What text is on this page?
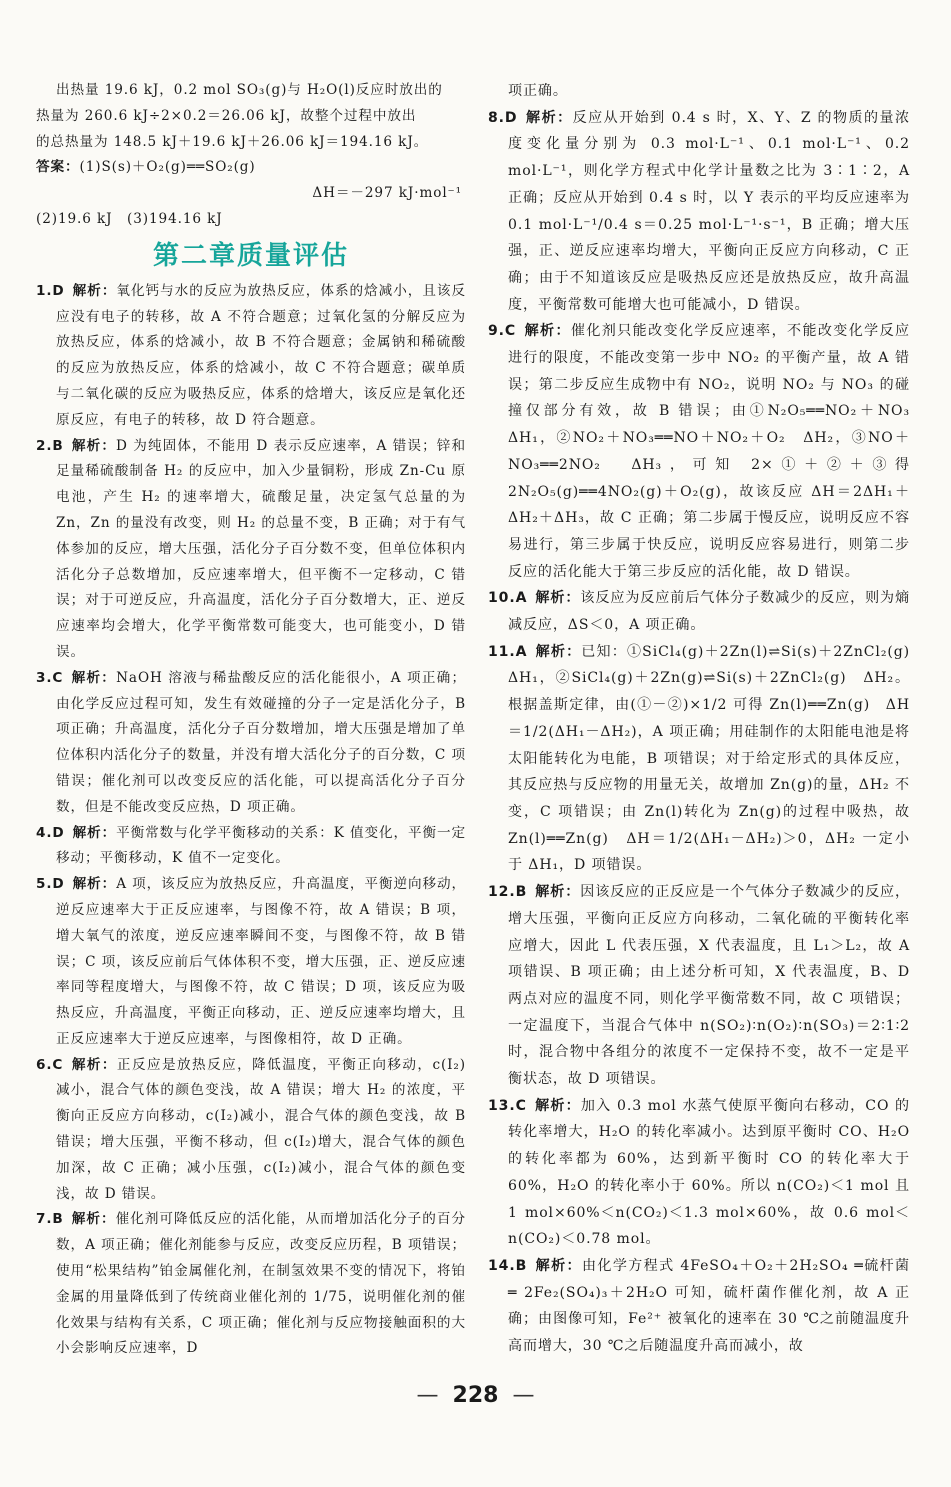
出热量 19.6 kJ，0.2 mol SO₃(g)与 H₂O(l)反应时放出的

热量为 260.6 kJ÷2×0.2＝26.06 kJ，故整个过程中放出

的总热量为 148.5 kJ＋19.6 kJ＋26.06 kJ＝194.16 kJ。

答案：(1)S(s)＋O₂(g)══SO₂(g)

ΔH＝－297 kJ·mol⁻¹

(2)19.6 kJ　(3)194.16 kJ

第二章质量评估

1.D 解析：氧化钙与水的反应为放热反应，体系的焓减小，且该反应没有电子的转移，故 A 不符合题意；过氧化氢的分解反应为放热反应，体系的焓减小，故 B 不符合题意；金属钠和稀硫酸的反应为放热反应，体系的焓减小，故 C 不符合题意；碳单质与二氧化碳的反应为吸热反应，体系的焓增大，该反应是氧化还原反应，有电子的转移，故 D 符合题意。

2.B 解析：D 为纯固体，不能用 D 表示反应速率，A 错误；锌和足量稀硫酸制备 H₂ 的反应中，加入少量铜粉，形成 Zn-Cu 原电池，产生 H₂ 的速率增大，硫酸足量，决定氢气总量的为 Zn，Zn 的量没有改变，则 H₂ 的总量不变，B 正确；对于有气体参加的反应，增大压强，活化分子百分数不变，但单位体积内活化分子总数增加，反应速率增大，但平衡不一定移动，C 错误；对于可逆反应，升高温度，活化分子百分数增大，正、逆反应速率均会增大，化学平衡常数可能变大，也可能变小，D 错误。

3.C 解析：NaOH 溶液与稀盐酸反应的活化能很小，A 项正确；由化学反应过程可知，发生有效碰撞的分子一定是活化分子，B 项正确；升高温度，活化分子百分数增加，增大压强是增加了单位体积内活化分子的数量，并没有增大活化分子的百分数，C 项错误；催化剂可以改变反应的活化能，可以提高活化分子百分数，但是不能改变反应热，D 项正确。

4.D 解析：平衡常数与化学平衡移动的关系：K 值变化，平衡一定移动；平衡移动，K 值不一定变化。

5.D 解析：A 项，该反应为放热反应，升高温度，平衡逆向移动，逆反应速率大于正反应速率，与图像不符，故 A 错误；B 项，增大氧气的浓度，逆反应速率瞬间不变，与图像不符，故 B 错误；C 项，该反应前后气体体积不变，增大压强，正、逆反应速率同等程度增大，与图像不符，故 C 错误；D 项，该反应为吸热反应，升高温度，平衡正向移动，正、逆反应速率均增大，且正反应速率大于逆反应速率，与图像相符，故 D 正确。

6.C 解析：正反应是放热反应，降低温度，平衡正向移动，c(I₂)减小，混合气体的颜色变浅，故 A 错误；增大 H₂ 的浓度，平衡向正反应方向移动，c(I₂)减小，混合气体的颜色变浅，故 B 错误；增大压强，平衡不移动，但 c(I₂)增大，混合气体的颜色加深，故 C 正确；减小压强，c(I₂)减小，混合气体的颜色变浅，故 D 错误。

7.B 解析：催化剂可降低反应的活化能，从而增加活化分子的百分数，A 项正确；催化剂能参与反应，改变反应历程，B 项错误；使用“松果结构”铂金属催化剂，在制氢效果不变的情况下，将铂金属的用量降低到了传统商业催化剂的 1/75，说明催化剂的催化效果与结构有关系，C 项正确；催化剂与反应物接触面积的大小会影响反应速率，D

项正确。

8.D 解析：反应从开始到 0.4 s 时，X、Y、Z 的物质的量浓度变化量分别为 0.3 mol·L⁻¹、0.1 mol·L⁻¹、0.2 mol·L⁻¹，则化学方程式中化学计量数之比为 3∶1∶2，A 正确；反应从开始到 0.4 s 时，以 Y 表示的平均反应速率为 0.1 mol·L⁻¹/0.4 s＝0.25 mol·L⁻¹·s⁻¹，B 正确；增大压强，正、逆反应速率均增大，平衡向正反应方向移动，C 正确；由于不知道该反应是吸热反应还是放热反应，故升高温度，平衡常数可能增大也可能减小，D 错误。

9.C 解析：催化剂只能改变化学反应速率，不能改变化学反应进行的限度，不能改变第一步中 NO₂ 的平衡产量，故 A 错误；第二步反应生成物中有 NO₂，说明 NO₂ 与 NO₃ 的碰撞仅部分有效，故 B 错误；由①N₂O₅══NO₂＋NO₃　ΔH₁，②NO₂＋NO₃══NO＋NO₂＋O₂　ΔH₂，③NO＋NO₃══2NO₂　ΔH₃，可知 2×①＋②＋③得 2N₂O₅(g)══4NO₂(g)＋O₂(g)，故该反应 ΔH＝2ΔH₁＋ΔH₂＋ΔH₃，故 C 正确；第二步属于慢反应，说明反应不容易进行，第三步属于快反应，说明反应容易进行，则第二步反应的活化能大于第三步反应的活化能，故 D 错误。

10.A 解析：该反应为反应前后气体分子数减少的反应，则为熵减反应，ΔS＜0，A 项正确。

11.A 解析：已知：①SiCl₄(g)＋2Zn(l)⇌Si(s)＋2ZnCl₂(g)　ΔH₁，②SiCl₄(g)＋2Zn(g)⇌Si(s)＋2ZnCl₂(g)　ΔH₂。根据盖斯定律，由(①－②)×1/2 可得 Zn(l)══Zn(g)　ΔH＝1/2(ΔH₁－ΔH₂)，A 项正确；用硅制作的太阳能电池是将太阳能转化为电能，B 项错误；对于给定形式的具体反应，其反应热与反应物的用量无关，故增加 Zn(g)的量，ΔH₂ 不变，C 项错误；由 Zn(l)转化为 Zn(g)的过程中吸热，故 Zn(l)══Zn(g)　ΔH＝1/2(ΔH₁－ΔH₂)＞0，ΔH₂ 一定小于 ΔH₁，D 项错误。

12.B 解析：因该反应的正反应是一个气体分子数减少的反应，增大压强，平衡向正反应方向移动，二氧化硫的平衡转化率应增大，因此 L 代表压强，X 代表温度，且 L₁＞L₂，故 A 项错误、B 项正确；由上述分析可知，X 代表温度，B、D 两点对应的温度不同，则化学平衡常数不同，故 C 项错误；一定温度下，当混合气体中 n(SO₂)∶n(O₂)∶n(SO₃)＝2∶1∶2 时，混合物中各组分的浓度不一定保持不变，故不一定是平衡状态，故 D 项错误。

13.C 解析：加入 0.3 mol 水蒸气使原平衡向右移动，CO 的转化率增大，H₂O 的转化率减小。达到原平衡时 CO、H₂O 的转化率都为 60%，达到新平衡时 CO 的转化率大于 60%，H₂O 的转化率小于 60%。所以 n(CO₂)＜1 mol 且 1 mol×60%＜n(CO₂)＜1.3 mol×60%，故 0.6 mol＜n(CO₂)＜0.78 mol。

14.B 解析：由化学方程式 4FeSO₄＋O₂＋2H₂SO₄ ═硫杆菌═ 2Fe₂(SO₄)₃＋2H₂O 可知，硫杆菌作催化剂，故 A 正确；由图像可知，Fe²⁺ 被氧化的速率在 30 ℃之前随温度升高而增大，30 ℃之后随温度升高而减小，故

— 228 —
